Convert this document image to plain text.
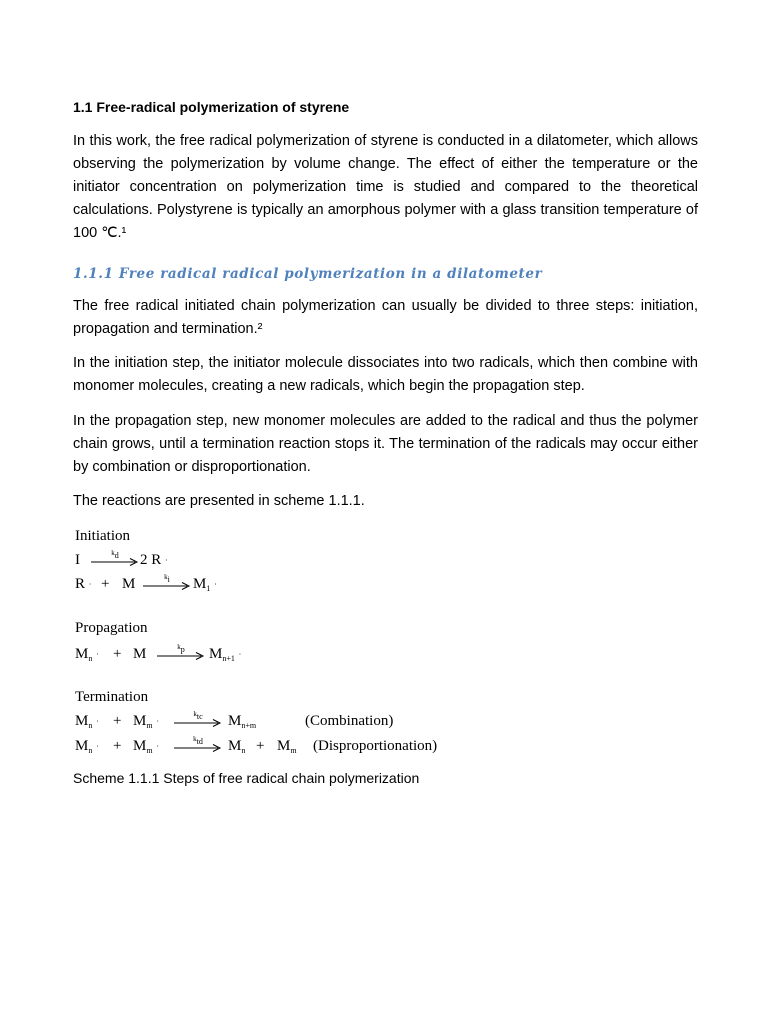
1.1 Free-radical polymerization of styrene

In this work, the free radical polymerization of styrene is conducted in a dilatometer, which allows observing the polymerization by volume change. The effect of either the temperature or the initiator concentration on polymerization time is studied and compared to the theoretical calculations. Polystyrene is typically an amorphous polymer with a glass transition temperature of 100 ℃.¹

1.1.1 Free radical radical polymerization in a dilatometer

The free radical initiated chain polymerization can usually be divided to three steps: initiation, propagation and termination.²

In the initiation step, the initiator molecule dissociates into two radicals, which then combine with monomer molecules, creating a new radicals, which begin the propagation step.

In the propagation step, new monomer molecules are added to the radical and thus the polymer chain grows, until a termination reaction stops it. The termination of the radicals may occur either by combination or disproportionation.

The reactions are presented in scheme 1.1.1.

Initiation

I	kd	2 R ·
R · + M	ki	$M_1$ ·

Propagation

$M_n$ · + M	kp	$M_{n+1}$ ·

Termination

$M_n$ · + $M_m$ ·
ktc	$M_{n+m}$	(Combination)
$M_n$ · + $M_m$ ·
ktd	$M_n + M_m$ (Disproportionation)

Scheme 1.1.1 Steps of free radical chain polymerization
